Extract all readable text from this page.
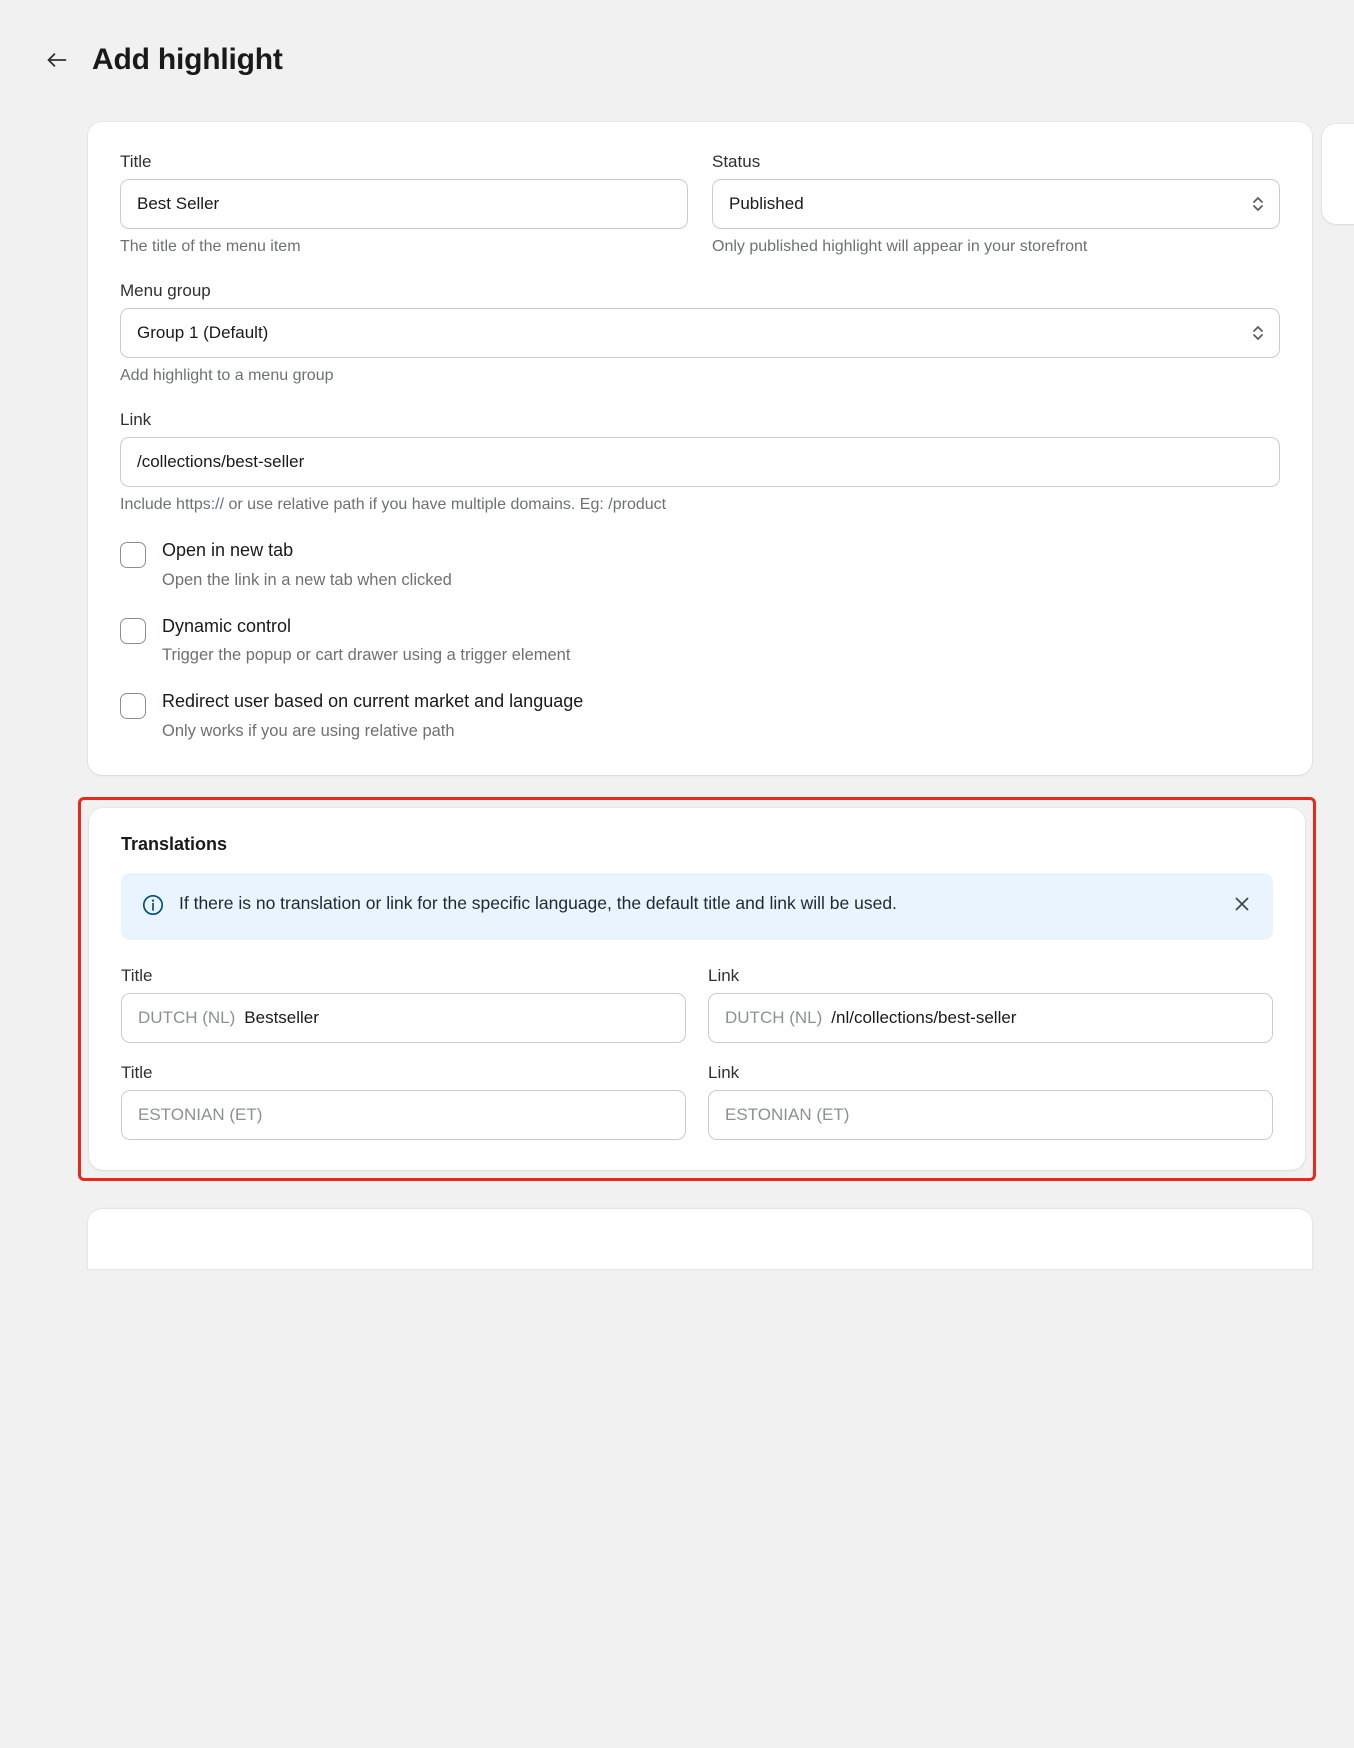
Add highlight
Title
Best Seller
The title of the menu item
Status
Published
Only published highlight will appear in your storefront
Menu group
Group 1 (Default)
Add highlight to a menu group
Link
/collections/best-seller
Include https:// or use relative path if you have multiple domains. Eg: /product
Open in new tab
Open the link in a new tab when clicked
Dynamic control
Trigger the popup or cart drawer using a trigger element
Redirect user based on current market and language
Only works if you are using relative path
Translations
If there is no translation or link for the specific language, the default title and link will be used.
Title
DUTCH (NL) Bestseller
Link
DUTCH (NL) /nl/collections/best-seller
Title
ESTONIAN (ET)
Link
ESTONIAN (ET)
